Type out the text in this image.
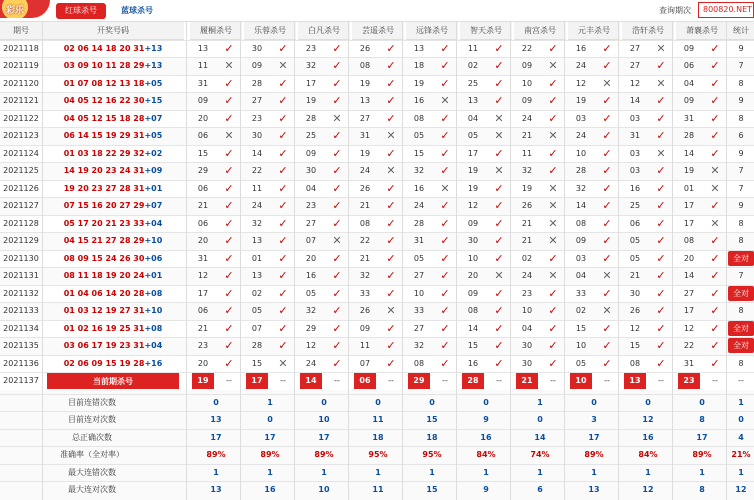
彩乐	红球杀号	蓝球杀号	查询期次	800820.NET
期号	开奖号码	履桐杀号	乐蓉杀号	白凡杀号	芸遥杀号	远锋杀号	智天杀号	南宫杀号	元丰杀号	浩轩杀号	萧襄杀号	统计
2021118	02 06 14 18 20 31+13	13	✓	30	✓	23	✓	26	✓	13	✓	11	✓	22	✓	16	✓	27	✕	09	✓	9
2021119	03 09 10 11 28 29+13	11	✕	09	✕	32	✓	08	✓	18	✓	02	✓	09	✕	24	✓	27	✓	06	✓	7
2021120	01 07 08 12 13 18+05	31	✓	28	✓	17	✓	19	✓	19	✓	25	✓	10	✓	12	✕	12	✕	04	✓	8
2021121	04 05 12 16 22 30+15	09	✓	27	✓	19	✓	13	✓	16	✕	13	✓	09	✓	19	✓	14	✓	09	✓	9
2021122	04 05 12 15 18 28+07	20	✓	23	✓	28	✕	27	✓	08	✓	04	✕	24	✓	03	✓	03	✓	31	✓	8
2021123	06 14 15 19 29 31+05	06	✕	30	✓	25	✓	31	✕	05	✓	05	✕	21	✕	24	✓	31	✓	28	✓	6
2021124	01 03 18 22 29 32+02	15	✓	14	✓	09	✓	19	✓	15	✓	17	✓	11	✓	10	✓	03	✕	14	✓	9
2021125	14 19 20 23 24 31+09	29	✓	22	✓	30	✓	24	✕	32	✓	19	✕	32	✓	28	✓	03	✓	19	✕	7
2021126	19 20 23 27 28 31+01	06	✓	11	✓	04	✓	26	✓	16	✕	19	✓	19	✕	32	✓	16	✓	01	✕	7
2021127	07 15 16 20 27 29+07	21	✓	24	✓	23	✓	21	✓	24	✓	12	✓	26	✕	14	✓	25	✓	17	✓	9
2021128	05 17 20 21 23 33+04	06	✓	32	✓	27	✓	08	✓	28	✓	09	✓	21	✕	08	✓	06	✓	17	✕	8
2021129	04 15 21 27 28 29+10	20	✓	13	✓	07	✕	22	✓	31	✓	30	✓	21	✕	09	✓	05	✓	08	✓	8
2021130	08 09 15 24 26 30+06	31	✓	01	✓	20	✓	21	✓	05	✓	10	✓	02	✓	03	✓	05	✓	20	✓	全对
2021131	08 11 18 19 20 24+01	12	✓	13	✓	16	✓	32	✓	27	✓	20	✕	24	✕	04	✕	21	✓	14	✓	7
2021132	01 04 06 14 20 28+08	17	✓	02	✓	05	✓	33	✓	10	✓	09	✓	23	✓	33	✓	30	✓	27	✓	全对
2021133	01 03 12 19 27 31+10	06	✓	05	✓	32	✓	26	✕	33	✓	08	✓	10	✓	02	✕	26	✓	17	✓	8
2021134	01 02 16 19 25 31+08	21	✓	07	✓	29	✓	09	✓	27	✓	14	✓	04	✓	15	✓	12	✓	12	✓	全对
2021135	03 06 17 19 23 31+04	23	✓	28	✓	12	✓	11	✓	32	✓	15	✓	30	✓	10	✓	15	✓	22	✓	全对
2021136	02 06 09 15 19 28+16	20	✓	15	✕	24	✓	07	✓	08	✓	16	✓	30	✓	05	✓	08	✓	31	✓	8
2021137	当前期杀号	19	--	17	--	14	--	06	--	29	--	28	--	21	--	10	--	13	--	23	--	--
目前连错次数	0	1	0	0	0	0	1	0	0	0	1
目前连对次数	13	0	10	11	15	9	0	3	12	8	0
总正确次数	17	17	17	18	18	16	14	17	16	17	4
准确率（全对率）	89%	89%	89%	95%	95%	84%	74%	89%	84%	89%	21%
最大连错次数	1	1	1	1	1	1	1	1	1	1	1
最大连对次数	13	16	10	11	15	9	6	13	12	8	12
